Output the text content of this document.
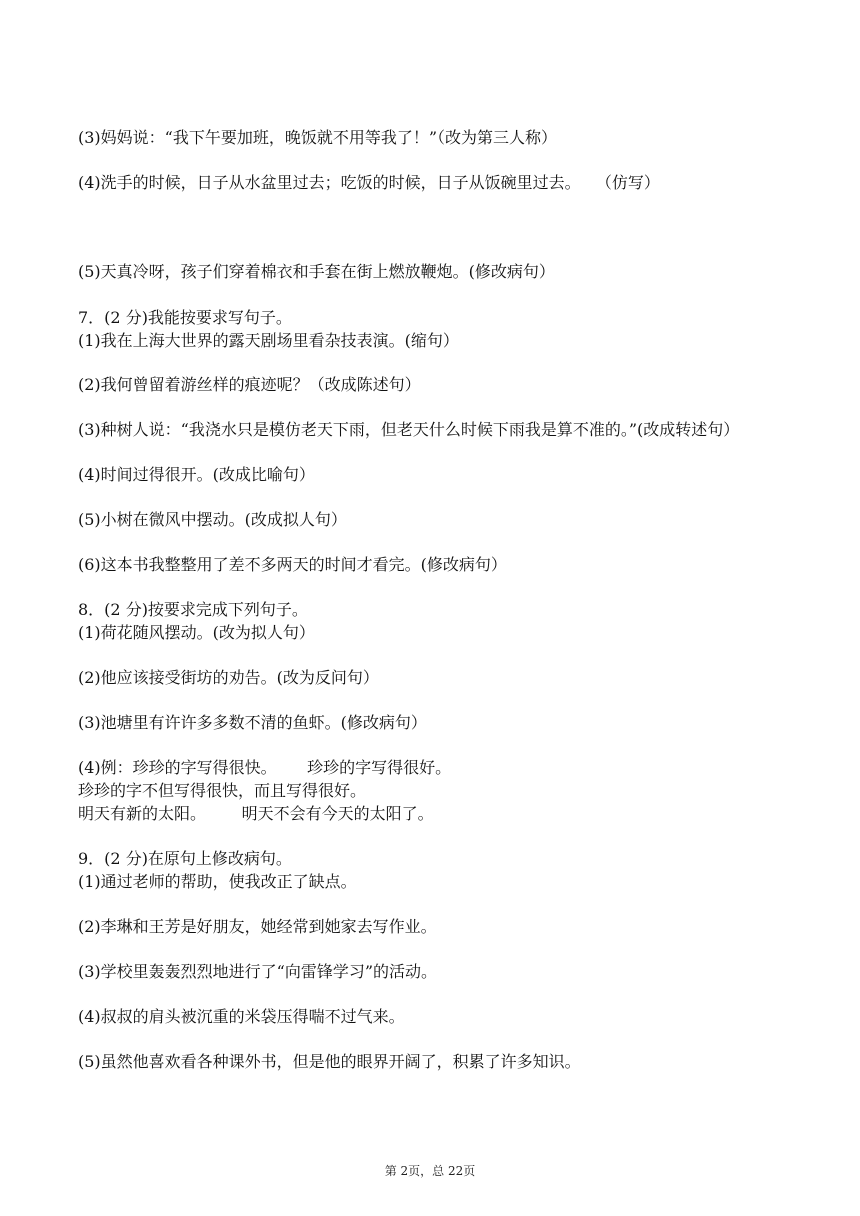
(3)妈妈说：“我下午要加班，晚饭就不用等我了！”（改为第三人称）

(4)洗手的时候，日子从水盆里过去；吃饭的时候，日子从饭碗里过去。   （仿写）

(5)天真冷呀，孩子们穿着棉衣和手套在街上燃放鞭炮。(修改病句）

7．(2 分)我能按要求写句子。

(1)我在上海大世界的露天剧场里看杂技表演。(缩句）

(2)我何曾留着游丝样的痕迹呢？（改成陈述句）

(3)种树人说：“我浇水只是模仿老天下雨，但老天什么时候下雨我是算不准的。”(改成转述句）

(4)时间过得很开。(改成比喻句）

(5)小树在微风中摆动。(改成拟人句）

(6)这本书我整整用了差不多两天的时间才看完。(修改病句）

8．(2 分)按要求完成下列句子。

(1)荷花随风摆动。(改为拟人句）

(2)他应该接受街坊的劝告。(改为反问句）

(3)池塘里有许许多多数不清的鱼虾。(修改病句）

(4)例：珍珍的字写得很快。      珍珍的字写得很好。

珍珍的字不但写得很快，而且写得很好。

明天有新的太阳。       明天不会有今天的太阳了。

9．(2 分)在原句上修改病句。

(1)通过老师的帮助，使我改正了缺点。

(2)李琳和王芳是好朋友，她经常到她家去写作业。

(3)学校里轰轰烈烈地进行了“向雷锋学习”的活动。

(4)叔叔的肩头被沉重的米袋压得喘不过气来。

(5)虽然他喜欢看各种课外书，但是他的眼界开阔了，积累了许多知识。

第 2页，总 22页
